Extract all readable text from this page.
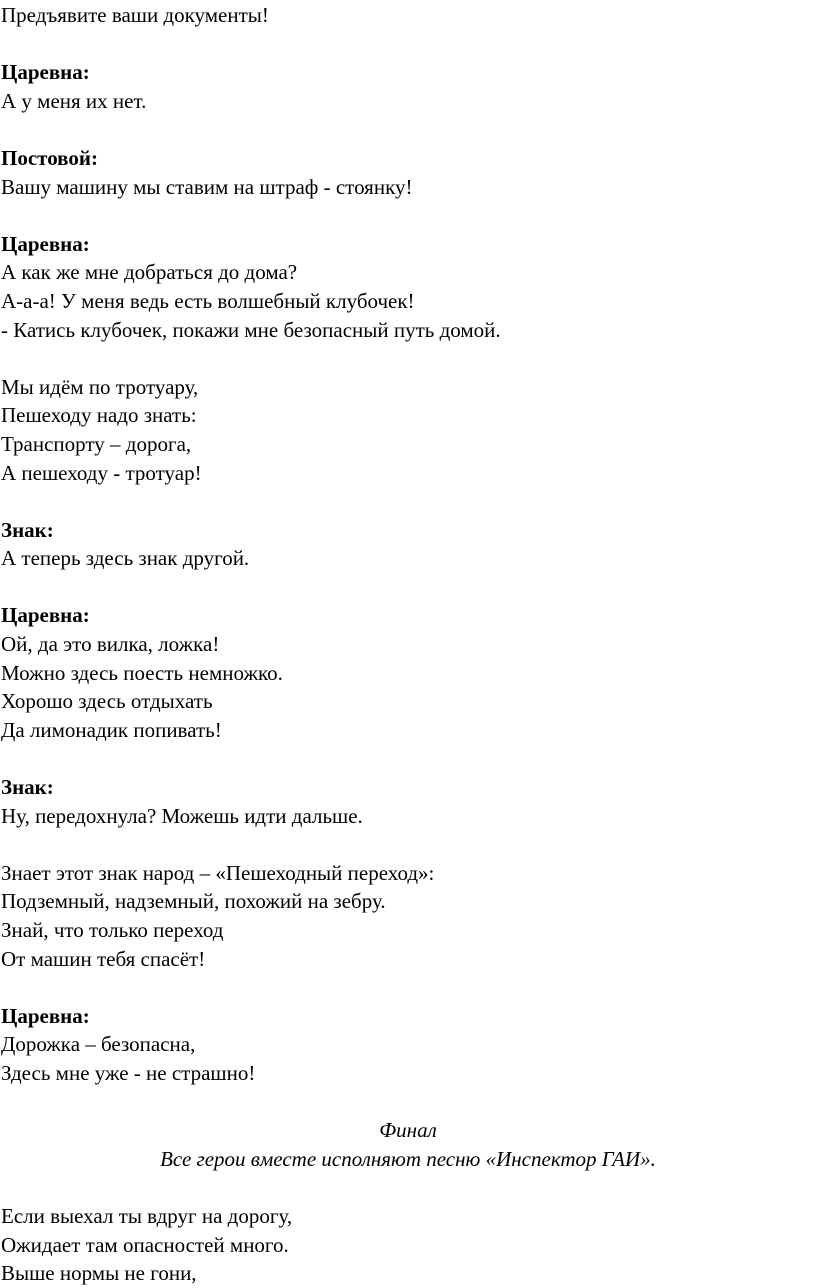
Предъявите ваши документы!
Царевна:
А у меня их нет.
Постовой:
Вашу машину мы ставим на штраф - стоянку!
Царевна:
А как же мне добраться до дома?
А-а-а! У меня ведь есть волшебный клубочек!
- Катись клубочек, покажи мне безопасный путь домой.
Мы идём по тротуару,
Пешеходу надо знать:
Транспорту – дорога,
А пешеходу - тротуар!
Знак:
А теперь здесь знак другой.
Царевна:
Ой, да это вилка, ложка!
Можно здесь поесть немножко.
Хорошо здесь отдыхать
Да лимонадик попивать!
Знак:
Ну, передохнула? Можешь идти дальше.
Знает этот знак народ – «Пешеходный переход»:
Подземный, надземный, похожий на зебру.
Знай, что только переход
От машин тебя спасёт!
Царевна:
Дорожка – безопасна,
Здесь мне уже - не страшно!
Финал
Все герои вместе исполняют песню «Инспектор ГАИ».
Если выехал ты вдруг на дорогу,
Ожидает там опасностей много.
Выше нормы не гони,
